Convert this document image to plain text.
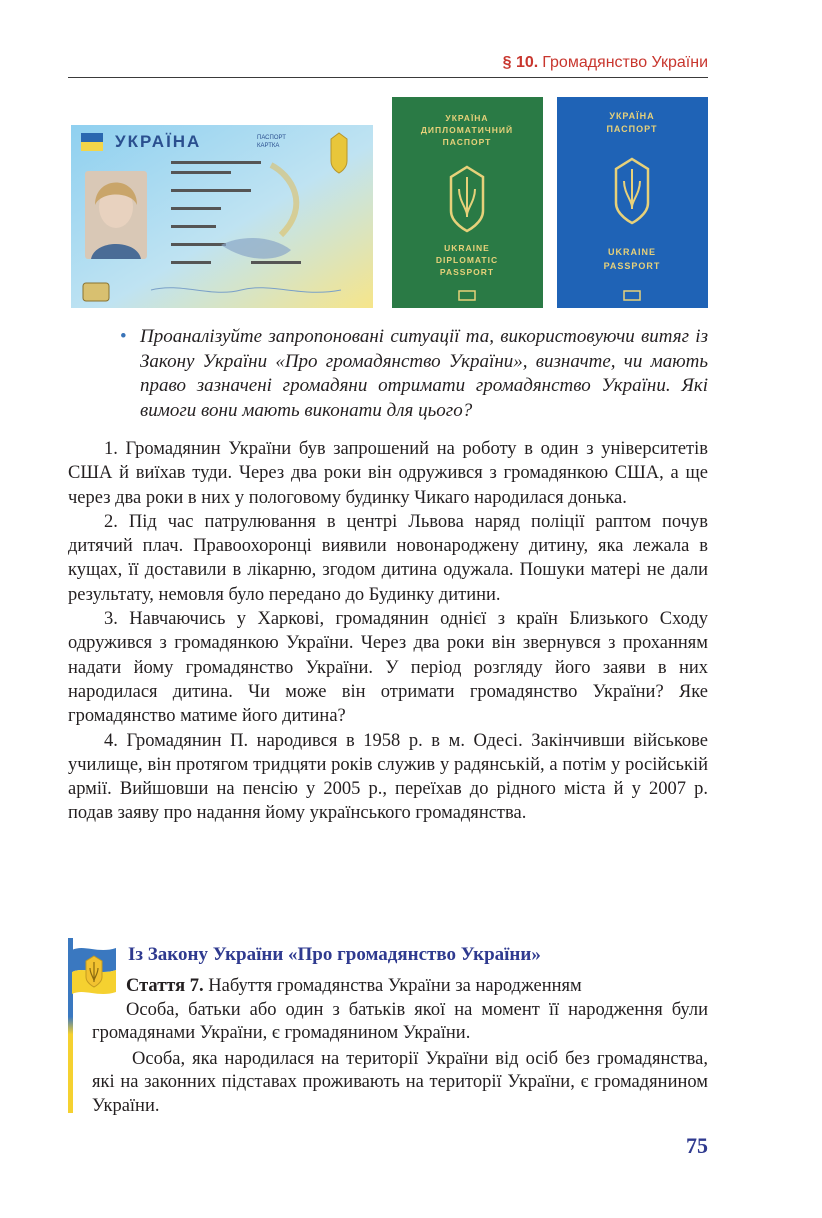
§ 10. Громадянство України
УКРАЇНА	ПАСПОРТ
КАРТКА
УКРАЇНА
ДИПЛОМАТИЧНИЙ
ПАСПОРТ
UKRAINE
DIPLOMATIC
PASSPORT
УКРАЇНА
ПАСПОРТ
UKRAINE
PASSPORT
• Проаналізуйте запропоновані ситуації та, використовуючи витяг із Закону України «Про громадянство України», визначте, чи мають право зазначені громадяни отримати громадянство України. Які вимоги вони мають виконати для цього?

1. Громадянин України був запрошений на роботу в один з університетів США й виїхав туди. Через два роки він одружився з громадянкою США, а ще через два роки в них у пологовому будинку Чикаго народилася донька.

2. Під час патрулювання в центрі Львова наряд поліції раптом почув дитячий плач. Правоохоронці виявили новонароджену дитину, яка лежала в кущах, її доставили в лікарню, згодом дитина одужала. Пошуки матері не дали результату, немовля було передано до Будинку дитини.

3. Навчаючись у Харкові, громадянин однієї з країн Близького Сходу одружився з громадянкою України. Через два роки він звернувся з проханням надати йому громадянство України. У період розгляду його заяви в них народилася дитина. Чи може він отримати громадянство України? Яке громадянство матиме його дитина?

4. Громадянин П. народився в 1958 р. в м. Одесі. Закінчивши військове училище, він протягом тридцяти років служив у радянській, а потім у російській армії. Вийшовши на пенсію у 2005 р., переїхав до рідного міста й у 2007 р. подав заяву про надання йому українського громадянства.

Із Закону України «Про громадянство України»

Стаття 7. Набуття громадянства України за народженням

Особа, батьки або один з батьків якої на момент її народження були громадянами України, є громадянином України.

Особа, яка народилася на території України від осіб без громадянства, які на законних підставах проживають на території України, є громадянином України.

75
